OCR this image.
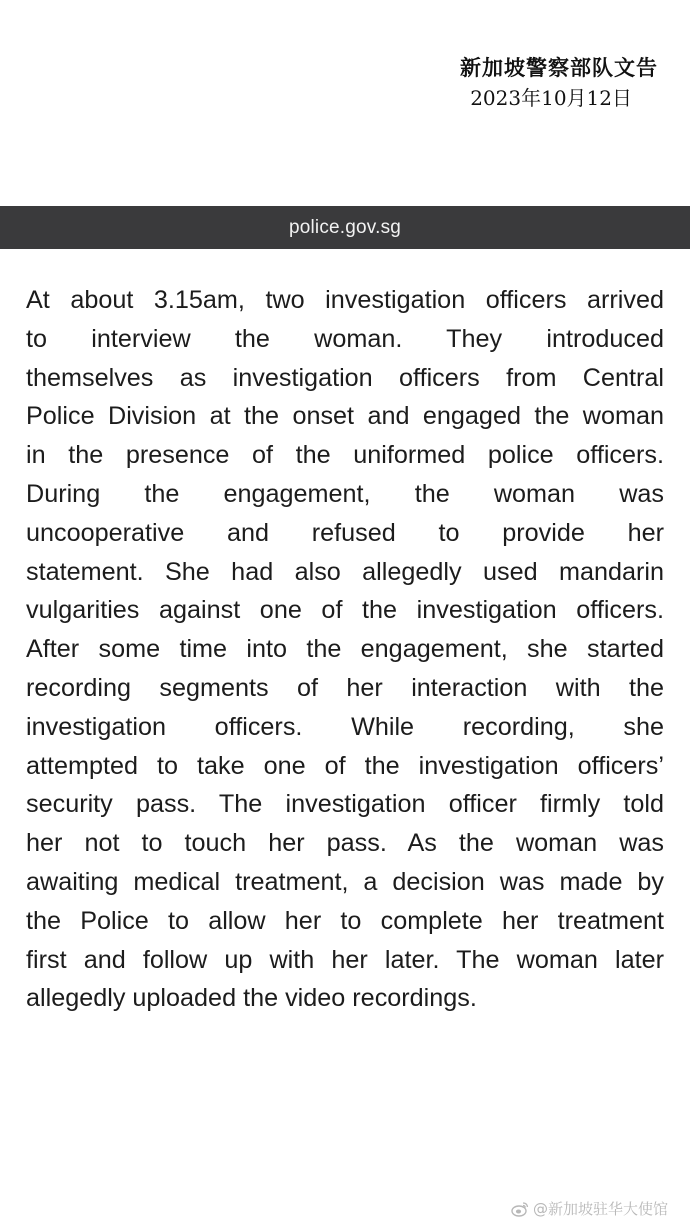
新加坡警察部队文告
2023年10月12日
police.gov.sg
At about 3.15am, two investigation officers arrived
to interview the woman. They introduced
themselves as investigation officers from Central
Police Division at the onset and engaged the woman
in the presence of the uniformed police officers.
During the engagement, the woman was
uncooperative and refused to provide her
statement. She had also allegedly used mandarin
vulgarities against one of the investigation officers.
After some time into the engagement, she started
recording segments of her interaction with the
investigation officers. While recording, she
attempted to take one of the investigation officers’
security pass. The investigation officer firmly told
her not to touch her pass. As the woman was
awaiting medical treatment, a decision was made by
the Police to allow her to complete her treatment
first and follow up with her later. The woman later
allegedly uploaded the video recordings.
@新加坡驻华大使馆
